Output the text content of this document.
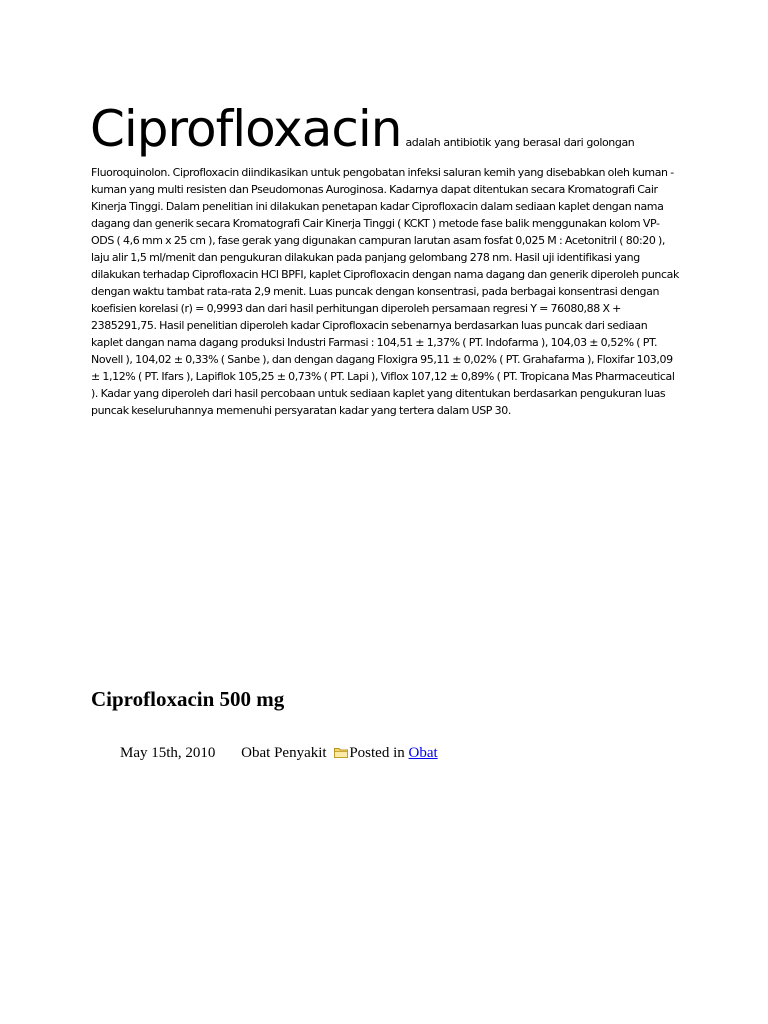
Ciprofloxacin adalah antibiotik yang berasal dari golongan

Fluoroquinolon. Ciprofloxacin diindikasikan untuk pengobatan infeksi saluran kemih yang disebabkan oleh kuman - kuman yang multi resisten dan Pseudomonas Auroginosa. Kadarnya dapat ditentukan secara Kromatografi Cair Kinerja Tinggi. Dalam penelitian ini dilakukan penetapan kadar Ciprofloxacin dalam sediaan kaplet dengan nama dagang dan generik secara Kromatografi Cair Kinerja Tinggi ( KCKT ) metode fase balik menggunakan kolom VP-ODS ( 4,6 mm x 25 cm ), fase gerak yang digunakan campuran larutan asam fosfat 0,025 M : Acetonitril ( 80:20 ), laju alir 1,5 ml/menit dan pengukuran dilakukan pada panjang gelombang 278 nm. Hasil uji identifikasi yang dilakukan terhadap Ciprofloxacin HCl BPFI, kaplet Ciprofloxacin dengan nama dagang dan generik diperoleh puncak dengan waktu tambat rata-rata 2,9 menit. Luas puncak dengan konsentrasi, pada berbagai konsentrasi dengan koefisien korelasi (r) = 0,9993 dan dari hasil perhitungan diperoleh persamaan regresi Y = 76080,88 X + 2385291,75. Hasil penelitian diperoleh kadar Ciprofloxacin sebenarnya berdasarkan luas puncak dari sediaan kaplet dangan nama dagang produksi Industri Farmasi : 104,51 ± 1,37% ( PT. Indofarma ), 104,03 ± 0,52% ( PT. Novell ), 104,02 ± 0,33% ( Sanbe ), dan dengan dagang Floxigra 95,11 ± 0,02% ( PT. Grahafarma ), Floxifar 103,09 ± 1,12% ( PT. Ifars ), Lapiflok 105,25 ± 0,73% ( PT. Lapi ), Viflox 107,12 ± 0,89% ( PT. Tropicana Mas Pharmaceutical ). Kadar yang diperoleh dari hasil percobaan untuk sediaan kaplet yang ditentukan berdasarkan pengukuran luas puncak keseluruhannya memenuhi persyaratan kadar yang tertera dalam USP 30.

Ciprofloxacin 500 mg
May 15th, 2010 Obat Penyakit Posted in Obat
